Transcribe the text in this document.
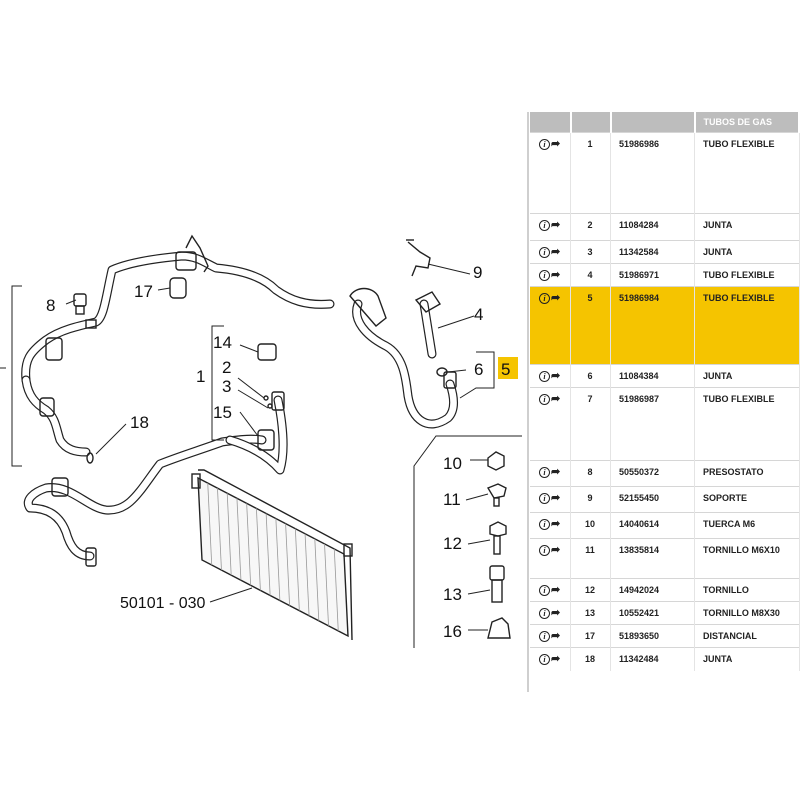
1 2
3
4
5
6
8
9
10
11
12
13
14
15
16
17
18
50101 - 030
			TUBOS DE GAS

i ➦	1	51986986	TUBO FLEXIBLE

i ➦	2	11084284	JUNTA

i ➦	3	11342584	JUNTA

i ➦	4	51986971	TUBO FLEXIBLE

i ➦	5	51986984	TUBO FLEXIBLE

i ➦	6	11084384	JUNTA

i ➦	7	51986987	TUBO FLEXIBLE

i ➦	8	50550372	PRESOSTATO

i ➦	9	52155450	SOPORTE

i ➦	10	14040614	TUERCA M6

i ➦	11	13835814	TORNILLO M6X10

i ➦	12	14942024	TORNILLO

i ➦	13	10552421	TORNILLO M8X30

i ➦	17	51893650	DISTANCIAL

i ➦	18	11342484	JUNTA
